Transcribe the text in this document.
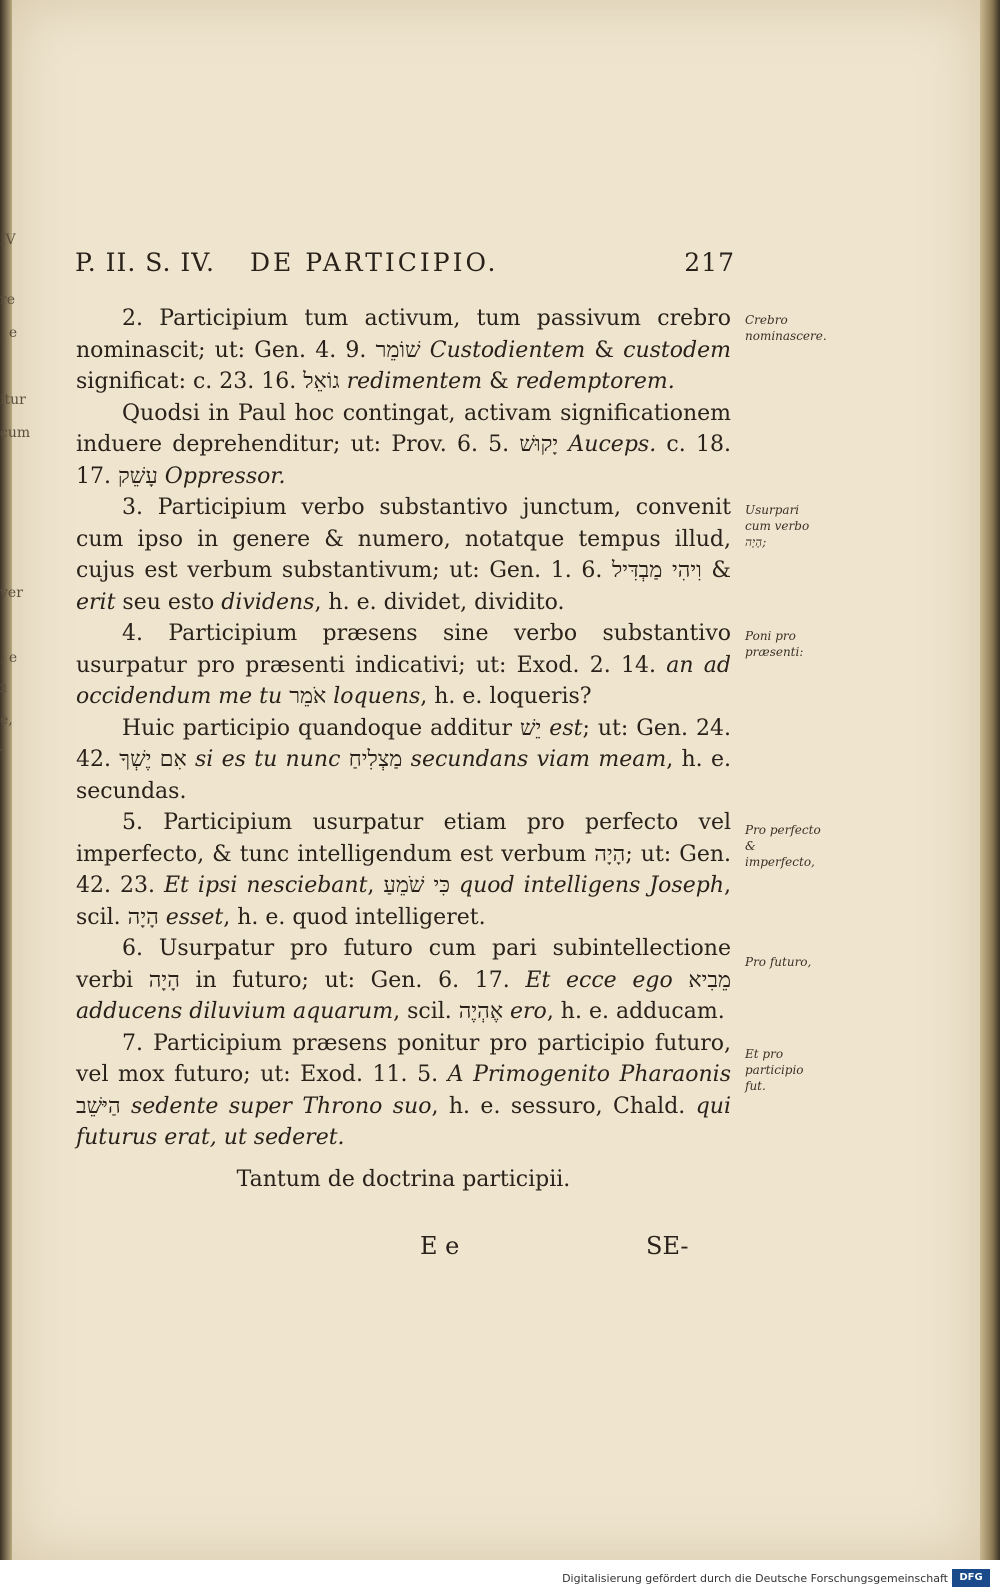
IV
re
. e
itur
cum
ver
, e
ב
e,
ו
P. II. S. IV. DE PARTICIPIO.	217

2. Participium tum activum, tum passivum crebro nominascit; ut: Gen. 4. 9. שׁוֹמֵר Custodientem & custodem significat: c. 23. 16. גוֹאֵל redimentem & redemptorem.

Quodsi in Paul hoc contingat, activam significationem induere deprehenditur; ut: Prov. 6. 5. יָקוּשׁ Auceps. c. 18. 17. עָשֵׁק Oppressor.

3. Participium verbo substantivo junctum, convenit cum ipso in genere & numero, notatque tempus illud, cujus est verbum substantivum; ut: Gen. 1. 6. וִיהִי מַבְדִּיל & erit seu esto dividens, h. e. dividet, dividito.

4. Participium præsens sine verbo substantivo usurpatur pro præsenti indicativi; ut: Exod. 2. 14. an ad occidendum me tu אֹמֵר loquens, h. e. loqueris?

Huic participio quandoque additur יֵשׁ est; ut: Gen. 24. 42. אִם יֶשְׁךָ si es tu nunc מַצְלִיחַ secundans viam meam, h. e. secundas.

5. Participium usurpatur etiam pro perfecto vel imperfecto, & tunc intelligendum est verbum הָיָה; ut: Gen. 42. 23. Et ipsi nesciebant, כִּי שֹׁמֵעַ quod intelligens Joseph, scil. הָיָה esset, h. e. quod intelligeret.

6. Usurpatur pro futuro cum pari subintellectione verbi הָיָה in futuro; ut: Gen. 6. 17. Et ecce ego מֵבִיא adducens diluvium aquarum, scil. אֶהְיֶה ero, h. e. adducam.

7. Participium præsens ponitur pro participio futuro, vel mox futuro; ut: Exod. 11. 5. A Primogenito Pharaonis הַיּשֵׁב sedente super Throno suo, h. e. sessuro, Chald. qui futurus erat, ut sederet.

Tantum de doctrina participii.

Crebro nominascere.
Usurpari cum verbo הָיָה;
Poni pro præsenti:
Pro perfecto & imperfecto,
Pro futuro,
Et pro participio fut.
E e	SE-
Digitalisierung gefördert durch die Deutsche Forschungsgemeinschaft	DFG
